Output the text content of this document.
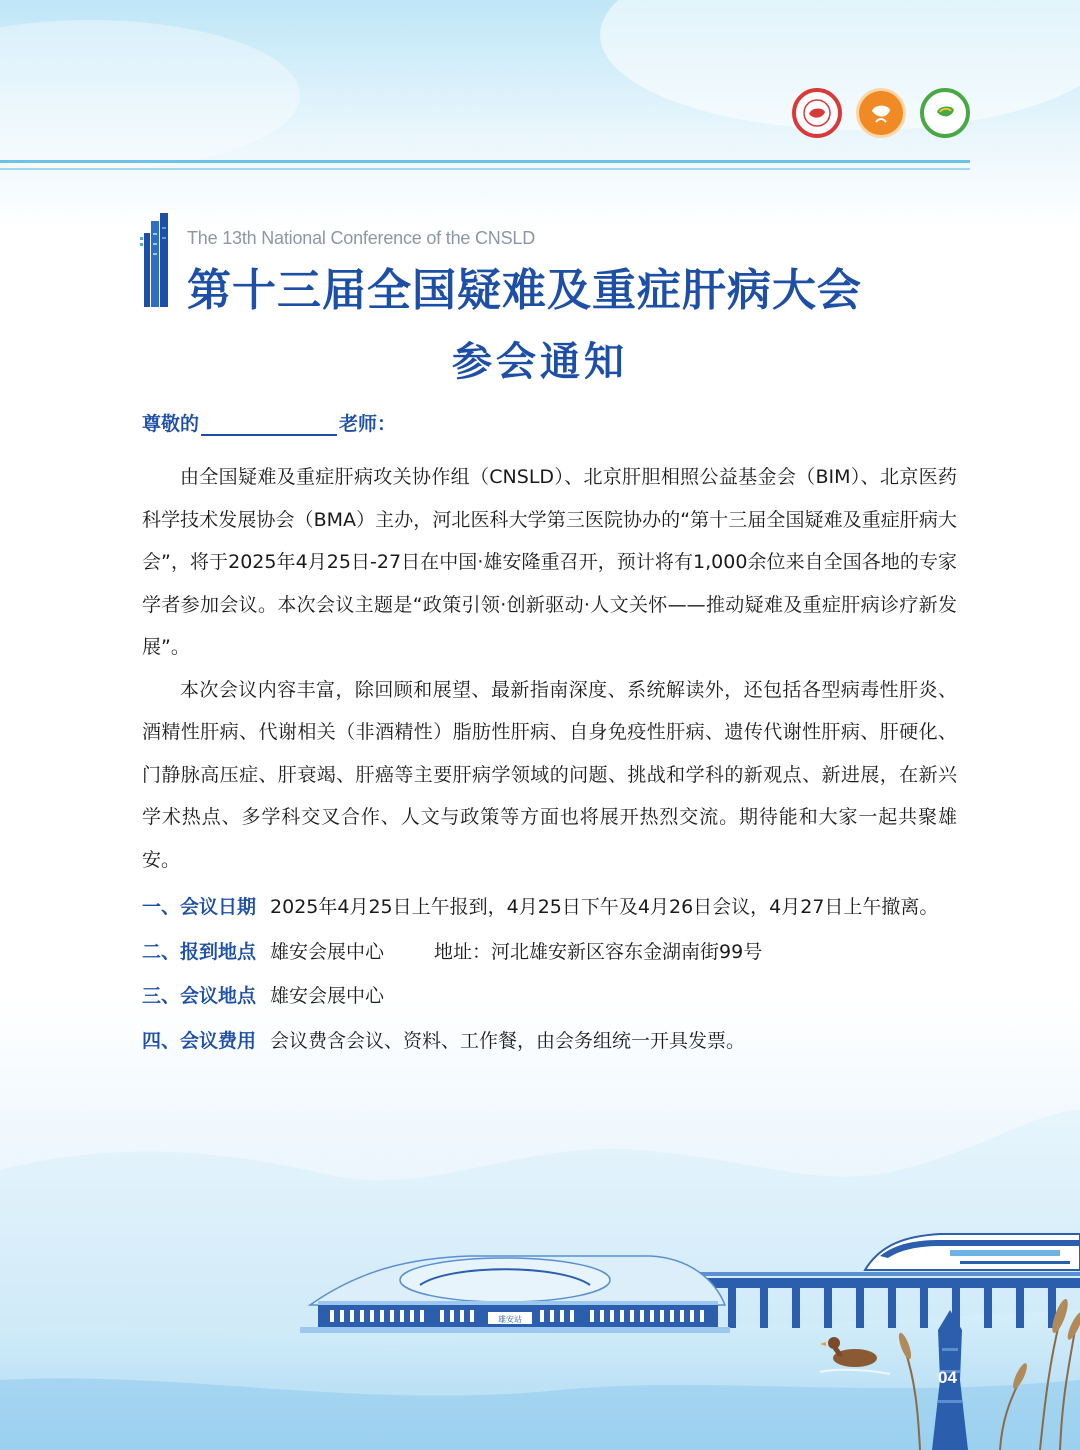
The 13th National Conference of the CNSLD
第十三届全国疑难及重症肝病大会
参会通知
尊敬的	老师：

由全国疑难及重症肝病攻关协作组（CNSLD）、北京肝胆相照公益基金会（BIM）、北京医药科学技术发展协会（BMA）主办，河北医科大学第三医院协办的“第十三届全国疑难及重症肝病大会”，将于2025年4月25日-27日在中国·雄安隆重召开，预计将有1,000余位来自全国各地的专家学者参加会议。本次会议主题是“政策引领·创新驱动·人文关怀——推动疑难及重症肝病诊疗新发展”。

本次会议内容丰富，除回顾和展望、最新指南深度、系统解读外，还包括各型病毒性肝炎、酒精性肝病、代谢相关（非酒精性）脂肪性肝病、自身免疫性肝病、遗传代谢性肝病、肝硬化、门静脉高压症、肝衰竭、肝癌等主要肝病学领域的问题、挑战和学科的新观点、新进展，在新兴学术热点、多学科交叉合作、人文与政策等方面也将展开热烈交流。期待能和大家一起共聚雄安。

一、会议日期 2025年4月25日上午报到，4月25日下午及4月26日会议，4月27日上午撤离。
二、报到地点 雄安会展中心	地址：河北雄安新区容东金湖南街99号
三、会议地点 雄安会展中心
四、会议费用 会议费含会议、资料、工作餐，由会务组统一开具发票。
雄安站
04
